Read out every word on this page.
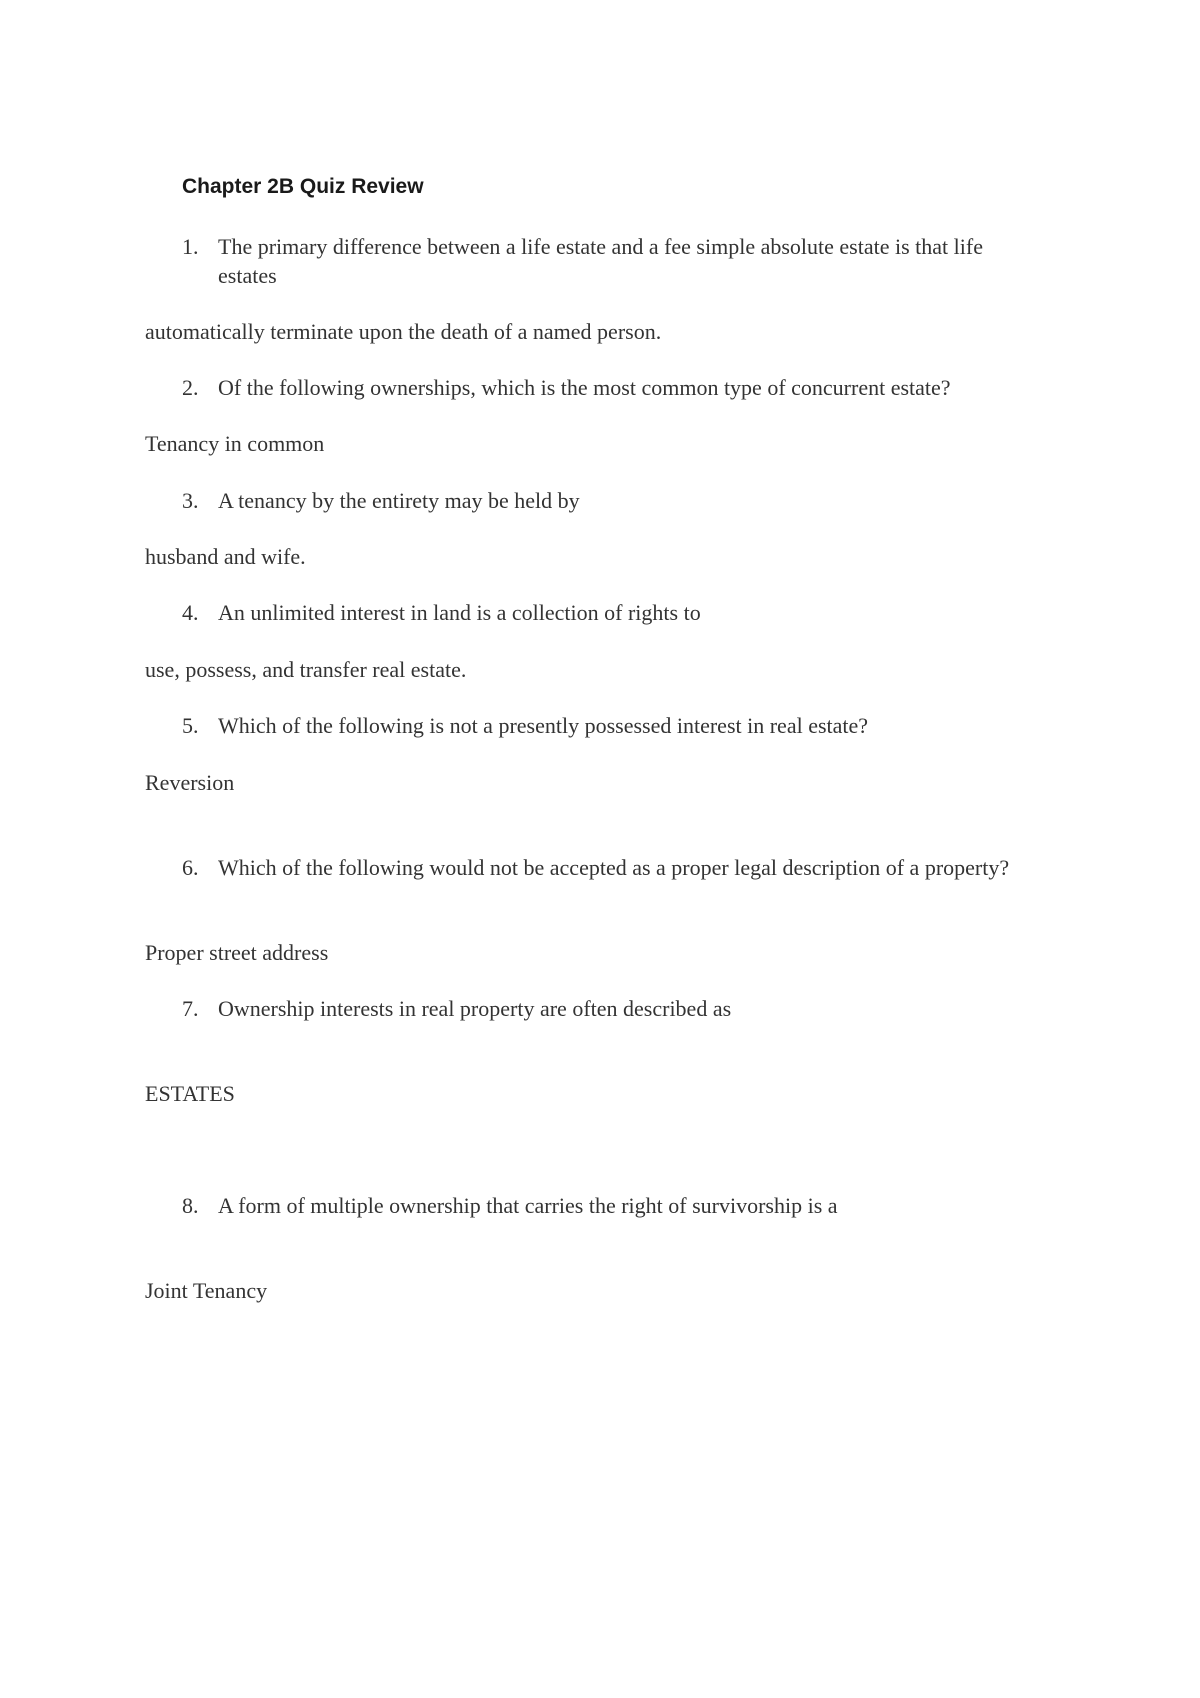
Chapter 2B Quiz Review
1. The primary difference between a life estate and a fee simple absolute estate is that life estates
automatically terminate upon the death of a named person.
2. Of the following ownerships, which is the most common type of concurrent estate?
Tenancy in common
3. A tenancy by the entirety may be held by
husband and wife.
4. An unlimited interest in land is a collection of rights to
use, possess, and transfer real estate.
5. Which of the following is not a presently possessed interest in real estate?
Reversion
6. Which of the following would not be accepted as a proper legal description of a property?
Proper street address
7. Ownership interests in real property are often described as
ESTATES
8. A form of multiple ownership that carries the right of survivorship is a
Joint Tenancy
